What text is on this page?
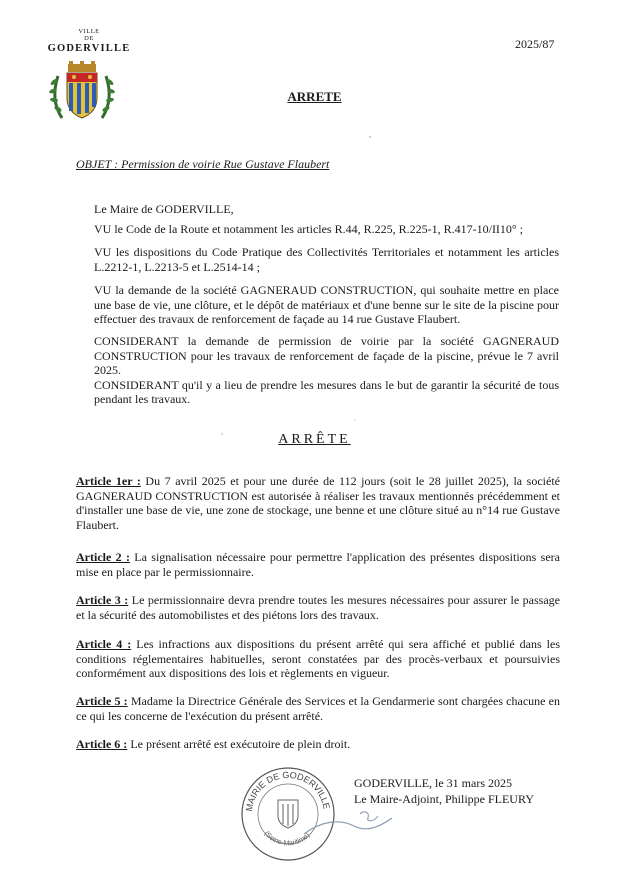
VILLE
DE
GODERVILLE	2025/87
ARRETE
OBJET : Permission de voirie Rue Gustave Flaubert

Le Maire de GODERVILLE,

VU le Code de la Route et notamment les articles R.44, R.225, R.225-1, R.417-10/II10° ;

VU les dispositions du Code Pratique des Collectivités Territoriales et notamment les articles L.2212-1, L.2213-5 et L.2514-14 ;

VU la demande de la société GAGNERAUD CONSTRUCTION, qui souhaite mettre en place une base de vie, une clôture, et le dépôt de matériaux et d'une benne sur le site de la piscine pour effectuer des travaux de renforcement de façade au 14 rue Gustave Flaubert.

CONSIDERANT la demande de permission de voirie par la société GAGNERAUD CONSTRUCTION pour les travaux de renforcement de façade de la piscine, prévue le 7 avril 2025.

CONSIDERANT qu'il y a lieu de prendre les mesures dans le but de garantir la sécurité de tous pendant les travaux.

ARRÊTE
Article 1er : Du 7 avril 2025 et pour une durée de 112 jours (soit le 28 juillet 2025), la société GAGNERAUD CONSTRUCTION est autorisée à réaliser les travaux mentionnés précédemment et d'installer une base de vie, une zone de stockage, une benne et une clôture situé au n°14 rue Gustave Flaubert.
Article 2 : La signalisation nécessaire pour permettre l'application des présentes dispositions sera mise en place par le permissionnaire.
Article 3 : Le permissionnaire devra prendre toutes les mesures nécessaires pour assurer le passage et la sécurité des automobilistes et des piétons lors des travaux.
Article 4 : Les infractions aux dispositions du présent arrêté qui sera affiché et publié dans les conditions réglementaires habituelles, seront constatées par des procès-verbaux et poursuivies conformément aux dispositions des lois et règlements en vigueur.
Article 5 : Madame la Directrice Générale des Services et la Gendarmerie sont chargées chacune en ce qui les concerne de l'exécution du présent arrêté.
Article 6 : Le présent arrêté est exécutoire de plein droit.
MAIRIE DE GODERVILLE
(Seine-Maritime)
GODERVILLE, le 31 mars 2025
Le Maire-Adjoint, Philippe FLEURY
